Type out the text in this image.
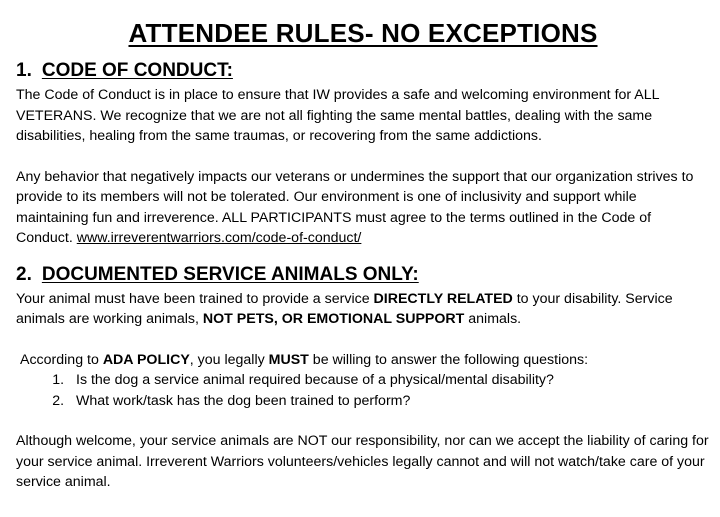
ATTENDEE RULES- NO EXCEPTIONS
1. CODE OF CONDUCT:

The Code of Conduct is in place to ensure that IW provides a safe and welcoming environment for ALL VETERANS. We recognize that we are not all fighting the same mental battles, dealing with the same disabilities, healing from the same traumas, or recovering from the same addictions.

Any behavior that negatively impacts our veterans or undermines the support that our organization strives to provide to its members will not be tolerated. Our environment is one of inclusivity and support while maintaining fun and irreverence. ALL PARTICIPANTS must agree to the terms outlined in the Code of Conduct. www.irreverentwarriors.com/code-of-conduct/

2. DOCUMENTED SERVICE ANIMALS ONLY:

Your animal must have been trained to provide a service DIRECTLY RELATED to your disability. Service animals are working animals, NOT PETS, OR EMOTIONAL SUPPORT animals.

According to ADA POLICY, you legally MUST be willing to answer the following questions:

1. Is the dog a service animal required because of a physical/mental disability?
2. What work/task has the dog been trained to perform?

Although welcome, your service animals are NOT our responsibility, nor can we accept the liability of caring for your service animal. Irreverent Warriors volunteers/vehicles legally cannot and will not watch/take care of your service animal.
